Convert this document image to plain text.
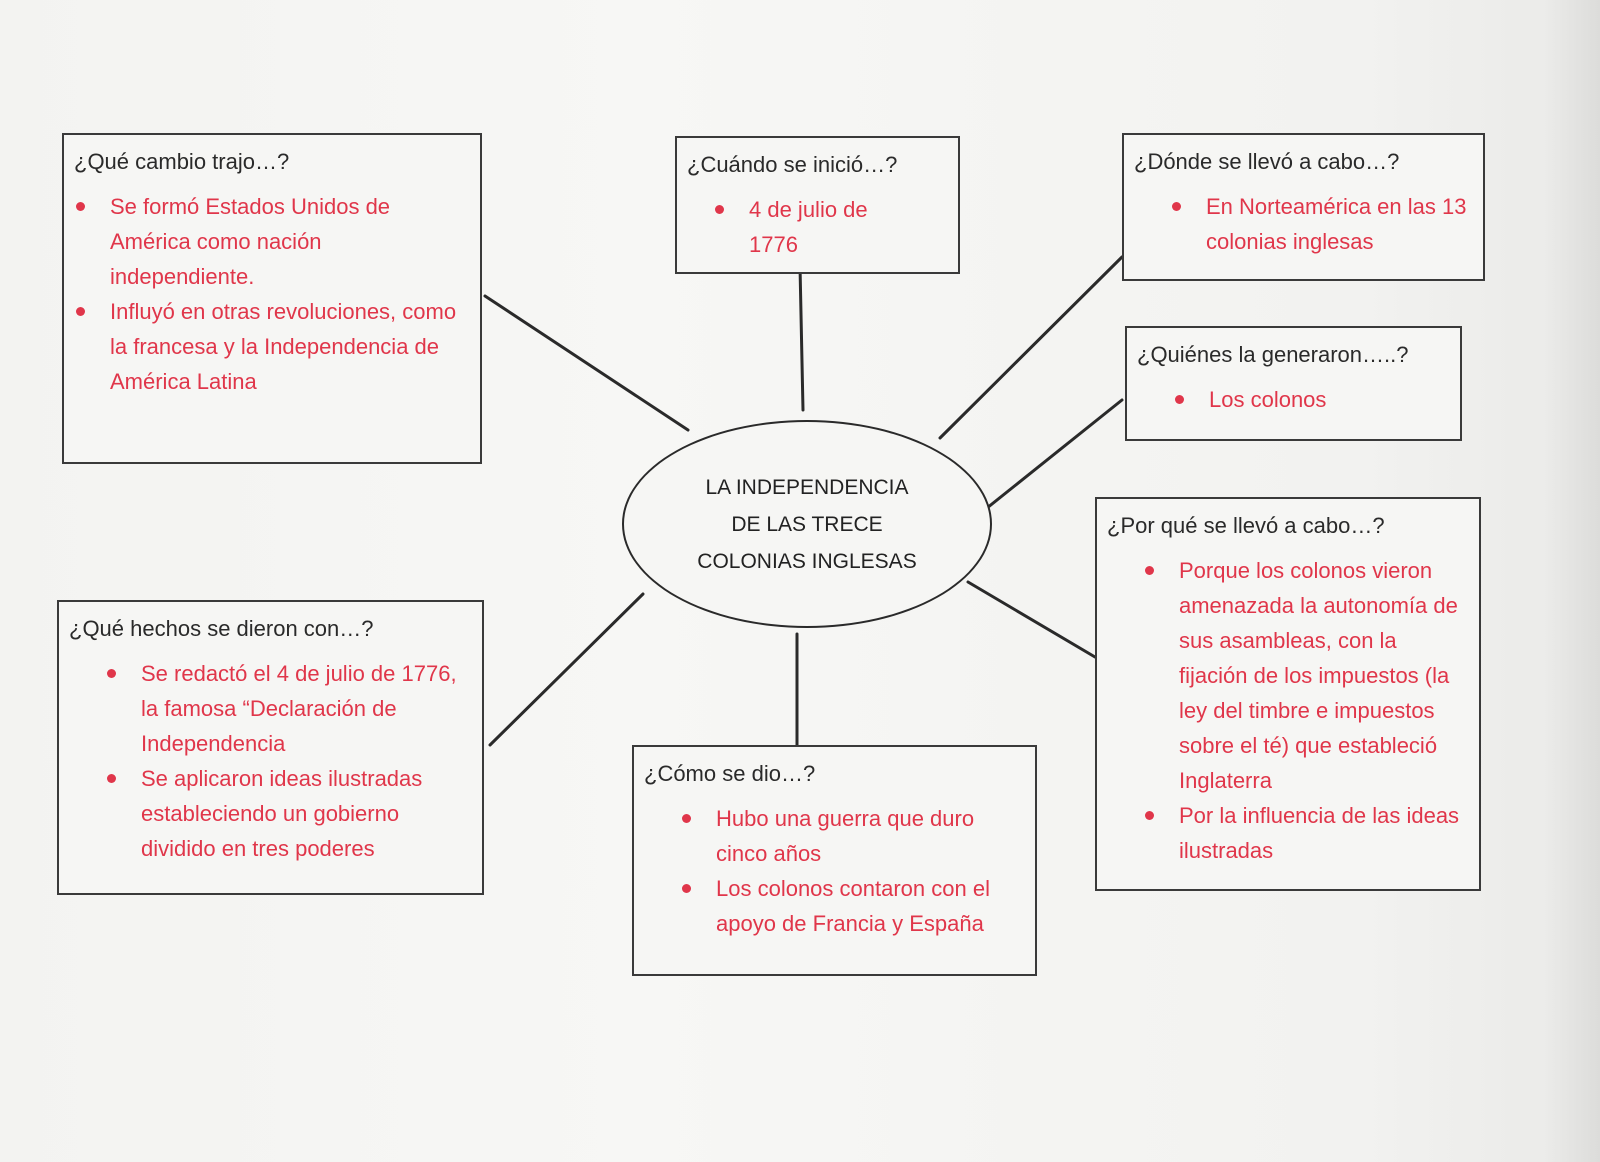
¿Qué cambio trajo…?
Se formó Estados Unidos de América como nación independiente.
Influyó en otras revoluciones, como la francesa y la Independencia de América Latina
¿Cuándo se inició…?
4 de julio de 1776
¿Dónde se llevó a cabo…?
En Norteamérica en las 13 colonias inglesas
¿Quiénes la generaron…..?
Los colonos
¿Por qué se llevó a cabo…?
Porque los colonos vieron amenazada la autonomía de sus asambleas, con la fijación de los impuestos (la ley del timbre e impuestos sobre el té) que estableció Inglaterra
Por la influencia de las ideas ilustradas
¿Qué hechos se dieron con…?
Se redactó el 4 de julio de 1776, la famosa “Declaración de Independencia
Se aplicaron ideas ilustradas estableciendo un gobierno dividido en tres poderes
¿Cómo se dio…?
Hubo una guerra que duro cinco años
Los colonos contaron con el apoyo de Francia y España
LA INDEPENDENCIA DE LAS TRECE COLONIAS INGLESAS
